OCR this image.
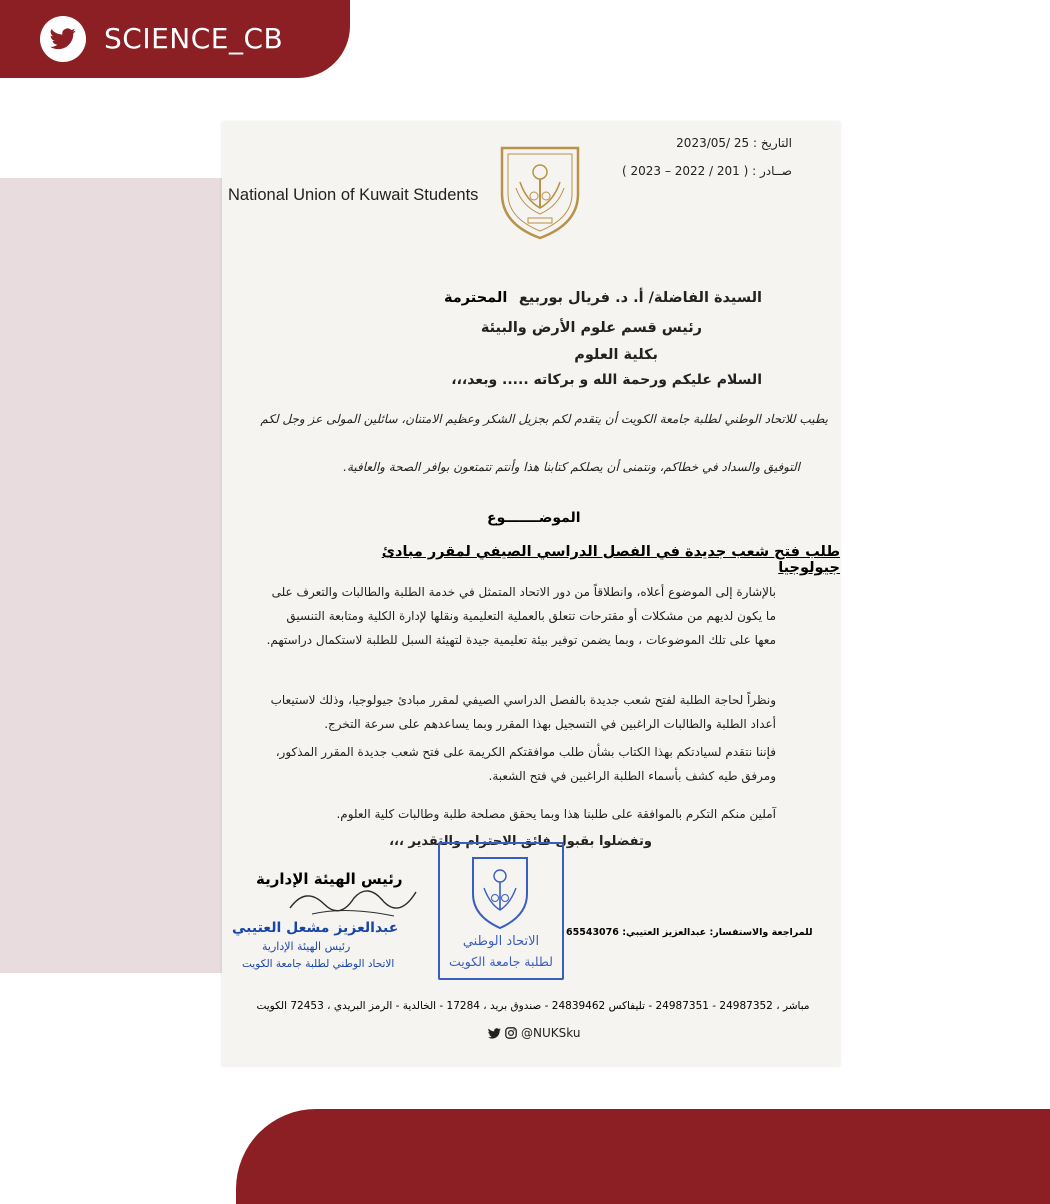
SCIENCE_CB
التاريخ : 25 /2023/05
صــادر : ( 201 / 2022 – 2023 )
National Union of Kuwait Students
السيدة الفاضلة/ أ. د. فريال بوربيع
المحترمة
رئيس قسم علوم الأرض والبيئة
بكلية العلوم
السلام عليكم ورحمة الله و بركاته ..... وبعد،،،
يطيب للاتحاد الوطني لطلبة جامعة الكويت أن يتقدم لكم بجزيل الشكر وعظيم الامتنان، سائلين المولى عز وجل لكم
التوفيق والسداد في خطاكم، ونتمنى أن يصلكم كتابنا هذا وأنتم تتمتعون بوافر الصحة والعافية.
الموضـــــــوع
طلب فتح شعب جديدة في الفصل الدراسي الصيفي لمقرر مبادئ جيولوجيا
بالإشارة إلى الموضوع أعلاه، وانطلاقاً من دور الاتحاد المتمثل في خدمة الطلبة والطالبات والتعرف على ما يكون لديهم من مشكلات أو مقترحات تتعلق بالعملية التعليمية ونقلها لإدارة الكلية ومتابعة التنسيق معها على تلك الموضوعات ، وبما يضمن توفير بيئة تعليمية جيدة لتهيئة السبل للطلبة لاستكمال دراستهم.
ونظراً لحاجة الطلبة لفتح شعب جديدة بالفصل الدراسي الصيفي لمقرر مبادئ جيولوجيا، وذلك لاستيعاب أعداد الطلبة والطالبات الراغبين في التسجيل بهذا المقرر وبما يساعدهم على سرعة التخرج.
فإننا نتقدم لسيادتكم بهذا الكتاب بشأن طلب موافقتكم الكريمة على فتح شعب جديدة المقرر المذكور، ومرفق طيه كشف بأسماء الطلبة الراغبين في فتح الشعبة.
آملين منكم التكرم بالموافقة على طلبنا هذا وبما يحقق مصلحة طلبة وطالبات كلية العلوم.
وتفضلوا بقبول فائق الاحترام والتقدير ،،،
رئيس الهيئة الإدارية
عبدالعزيز مشعل العتيبي
رئيس الهيئة الإدارية
الاتحاد الوطني لطلبة جامعة الكويت
الاتحاد الوطني
لطلبة جامعة الكويت
للمراجعة والاستفسار: عبدالعزيز العتيبي: 65543076
مباشر ، 24987352 - 24987351 - تليفاكس 24839462 - صندوق بريد ، 17284 - الخالدية - الرمز البريدي ، 72453 الكويت
@NUKSku
